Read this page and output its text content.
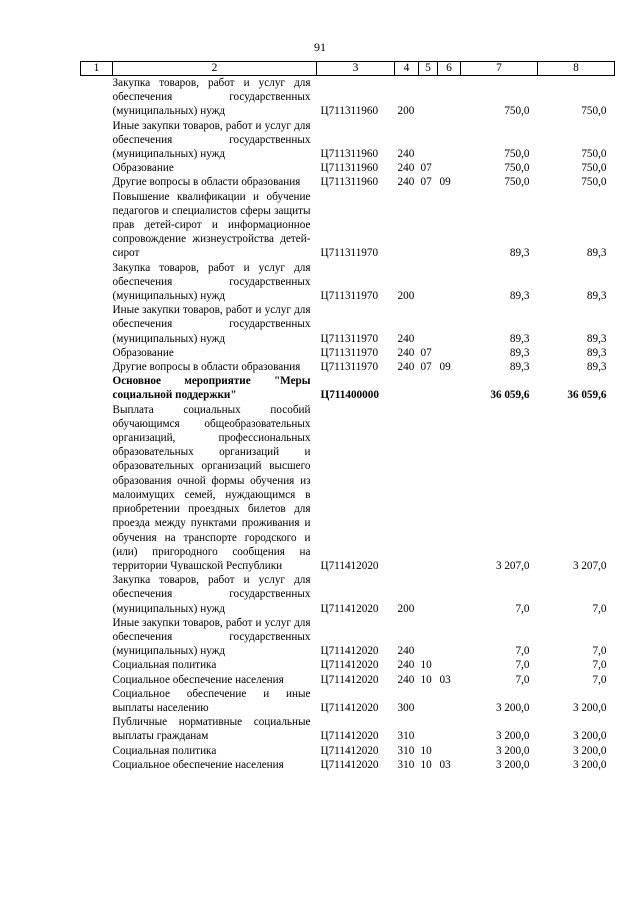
91
1	2	3	4	5	6	7	8
	Закупка товаров, работ и услуг для обеспечения государственных (муниципальных) нужд	Ц711311960	200			750,0	750,0
	Иные закупки товаров, работ и услуг для обеспечения государственных (муниципальных) нужд	Ц711311960	240			750,0	750,0
	Образование	Ц711311960	240	07		750,0	750,0
	Другие вопросы в области образования	Ц711311960	240	07	09	750,0	750,0
	Повышение квалификации и обучение педагогов и специалистов сферы защиты прав детей-сирот и информационное сопровождение жизнеустройства детей-сирот	Ц711311970				89,3	89,3
	Закупка товаров, работ и услуг для обеспечения государственных (муниципальных) нужд	Ц711311970	200			89,3	89,3
	Иные закупки товаров, работ и услуг для обеспечения государственных (муниципальных) нужд	Ц711311970	240			89,3	89,3
	Образование	Ц711311970	240	07		89,3	89,3
	Другие вопросы в области образования	Ц711311970	240	07	09	89,3	89,3
	Основное мероприятие "Меры социальной поддержки"	Ц711400000				36 059,6	36 059,6
	Выплата социальных пособий обучающимся общеобразовательных организаций, профессиональных образовательных организаций и образовательных организаций высшего образования очной формы обучения из малоимущих семей, нуждающимся в приобретении проездных билетов для проезда между пунктами проживания и обучения на транспорте городского и (или) пригородного сообщения на территории Чувашской Республики	Ц711412020				3 207,0	3 207,0
	Закупка товаров, работ и услуг для обеспечения государственных (муниципальных) нужд	Ц711412020	200			7,0	7,0
	Иные закупки товаров, работ и услуг для обеспечения государственных (муниципальных) нужд	Ц711412020	240			7,0	7,0
	Социальная политика	Ц711412020	240	10		7,0	7,0
	Социальное обеспечение населения	Ц711412020	240	10	03	7,0	7,0
	Социальное обеспечение и иные выплаты населению	Ц711412020	300			3 200,0	3 200,0
	Публичные нормативные социальные выплаты гражданам	Ц711412020	310			3 200,0	3 200,0
	Социальная политика	Ц711412020	310	10		3 200,0	3 200,0
	Социальное обеспечение населения	Ц711412020	310	10	03	3 200,0	3 200,0
